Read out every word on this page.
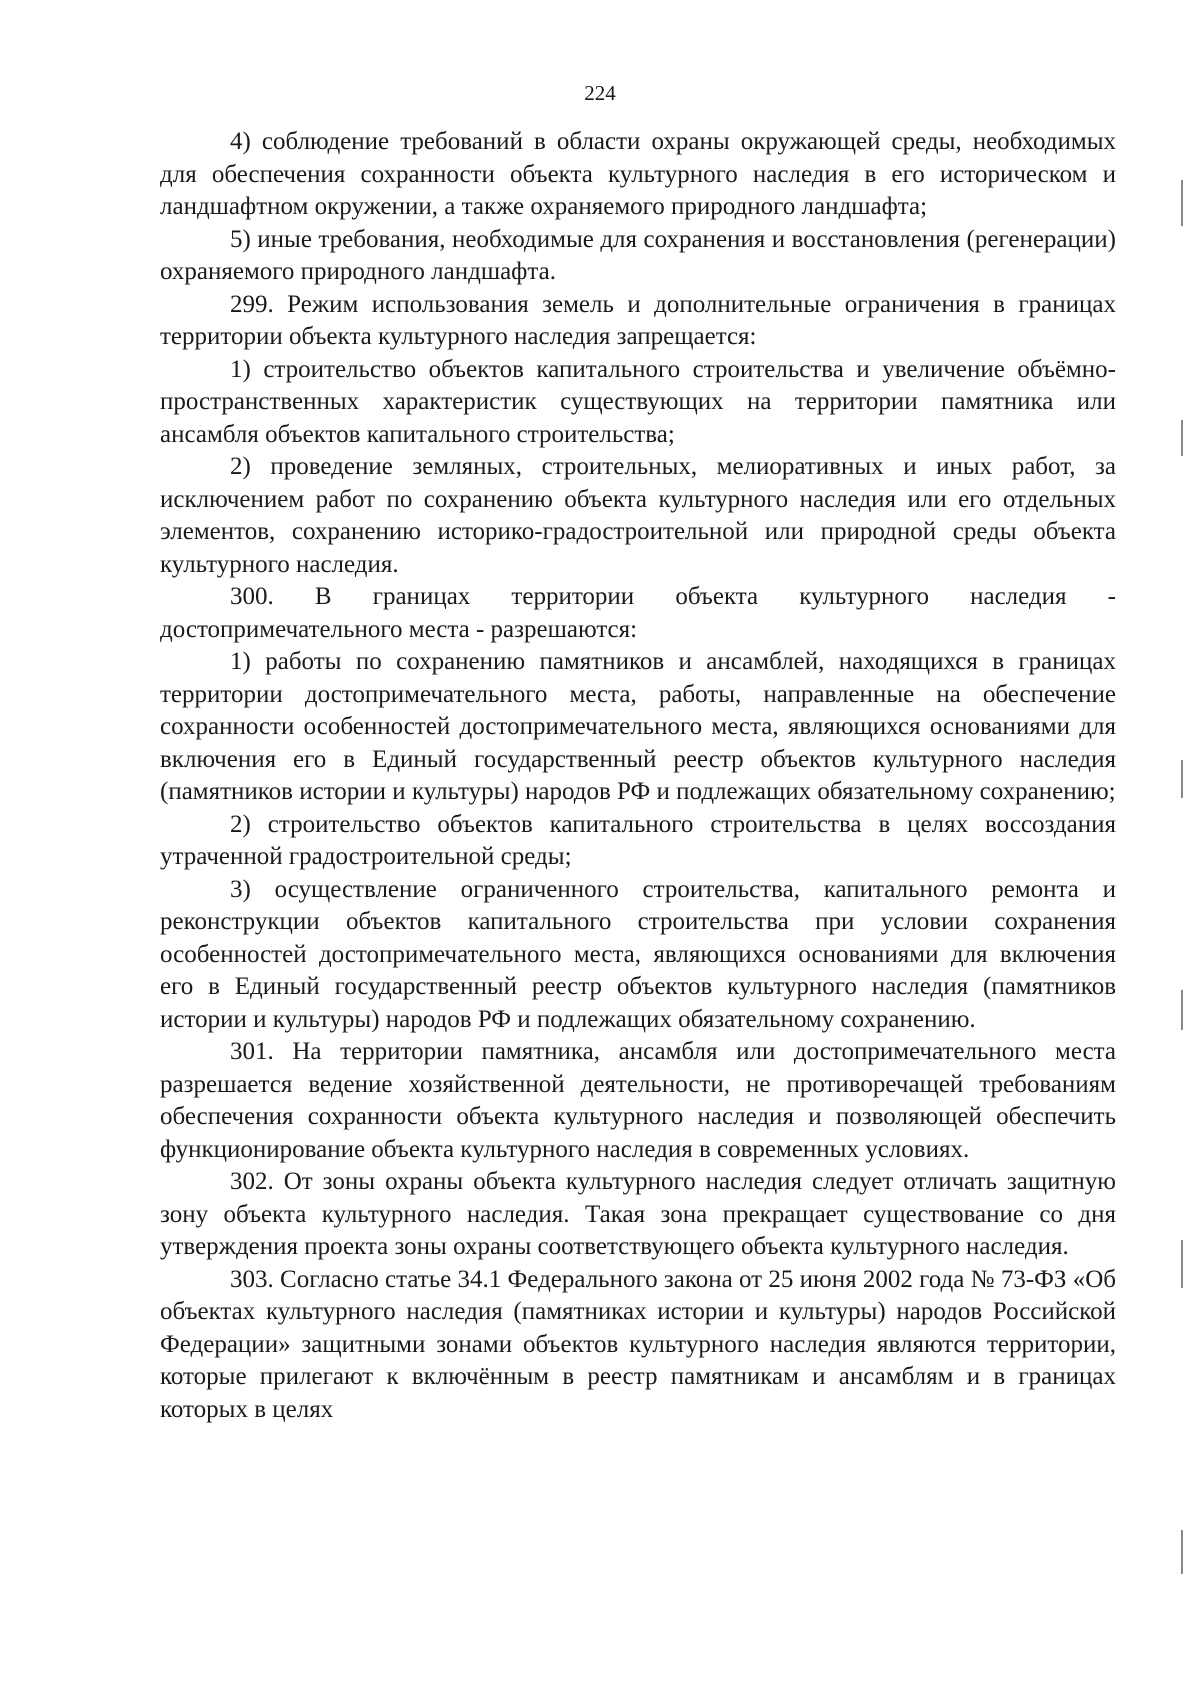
224

4) соблюдение требований в области охраны окружающей среды, необходимых для обеспечения сохранности объекта культурного наследия в его историческом и ландшафтном окружении, а также охраняемого природного ландшафта;

5) иные требования, необходимые для сохранения и восстановления (регенерации) охраняемого природного ландшафта.

299. Режим использования земель и дополнительные ограничения в границах территории объекта культурного наследия запрещается:

1) строительство объектов капитального строительства и увеличение объёмно-пространственных характеристик существующих на территории памятника или ансамбля объектов капитального строительства;

2) проведение земляных, строительных, мелиоративных и иных работ, за исключением работ по сохранению объекта культурного наследия или его отдельных элементов, сохранению историко-градостроительной или природной среды объекта культурного наследия.

300. В границах территории объекта культурного наследия - достопримечательного места - разрешаются:

1) работы по сохранению памятников и ансамблей, находящихся в границах территории достопримечательного места, работы, направленные на обеспечение сохранности особенностей достопримечательного места, являющихся основаниями для включения его в Единый государственный реестр объектов культурного наследия (памятников истории и культуры) народов РФ и подлежащих обязательному сохранению;

2) строительство объектов капитального строительства в целях воссоздания утраченной градостроительной среды;

3) осуществление ограниченного строительства, капитального ремонта и реконструкции объектов капитального строительства при условии сохранения особенностей достопримечательного места, являющихся основаниями для включения его в Единый государственный реестр объектов культурного наследия (памятников истории и культуры) народов РФ и подлежащих обязательному сохранению.

301. На территории памятника, ансамбля или достопримечательного места разрешается ведение хозяйственной деятельности, не противоречащей требованиям обеспечения сохранности объекта культурного наследия и позволяющей обеспечить функционирование объекта культурного наследия в современных условиях.

302. От зоны охраны объекта культурного наследия следует отличать защитную зону объекта культурного наследия. Такая зона прекращает существование со дня утверждения проекта зоны охраны соответствующего объекта культурного наследия.

303. Согласно статье 34.1 Федерального закона от 25 июня 2002 года № 73-ФЗ «Об объектах культурного наследия (памятниках истории и культуры) народов Российской Федерации» защитными зонами объектов культурного наследия являются территории, которые прилегают к включённым в реестр памятникам и ансамблям и в границах которых в целях
